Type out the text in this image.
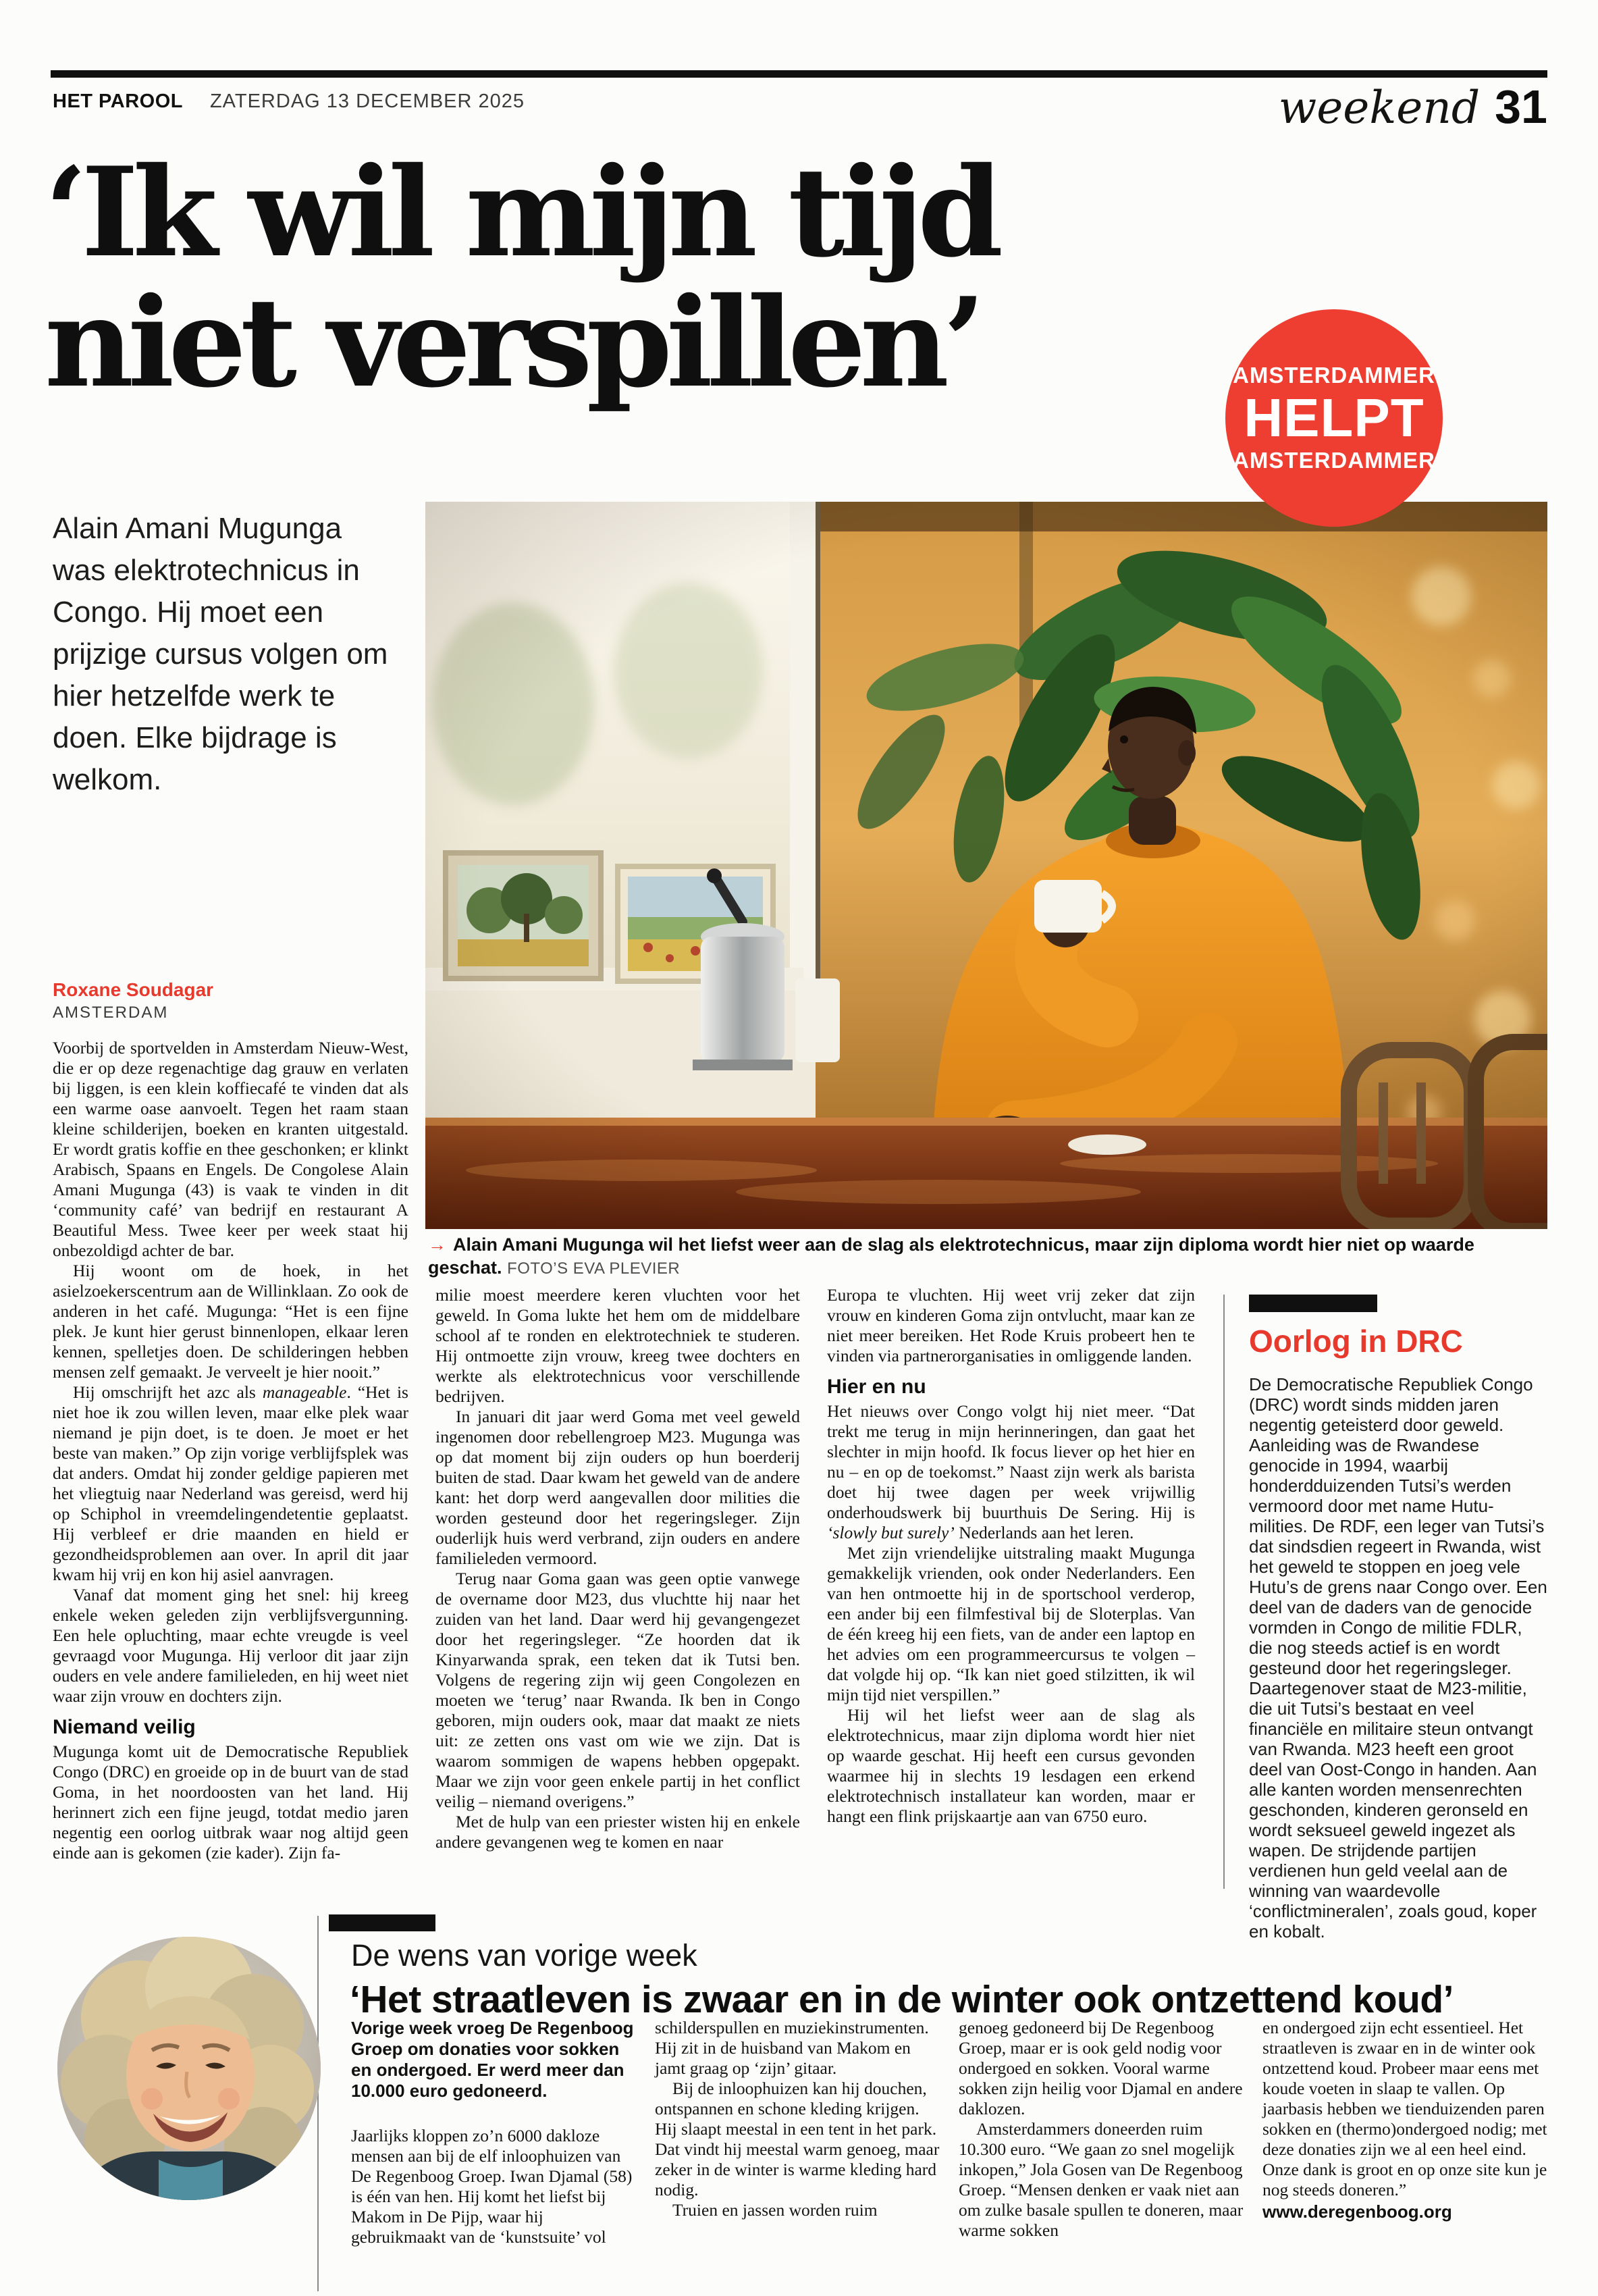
HET PAROOL ZATERDAG 13 DECEMBER 2025	weekend 31
‘Ik wil mijn tijd
niet verspillen’	AMSTERDAMMER
HELPT
AMSTERDAMMER
Alain Amani Mugunga was elektrotechnicus in Congo. Hij moet een prijzige cursus volgen om hier hetzelfde werk te doen. Elke bijdrage is welkom.
Roxane Soudagar
AMSTERDAM
→ Alain Amani Mugunga wil het liefst weer aan de slag als elektrotechnicus, maar zijn diploma wordt hier niet op waarde geschat. FOTO’S EVA PLEVIER

Voorbij de sportvelden in Amsterdam Nieuw-West, die er op deze regenachtige dag grauw en verlaten bij liggen, is een klein koffiecafé te vinden dat als een warme oase aanvoelt. Tegen het raam staan kleine schilderijen, boeken en kranten uitgestald. Er wordt gratis koffie en thee geschonken; er klinkt Arabisch, Spaans en Engels. De Congolese Alain Amani Mugunga (43) is vaak te vinden in dit ‘community café’ van bedrijf en restaurant A Beautiful Mess. Twee keer per week staat hij onbezoldigd achter de bar.

Hij woont om de hoek, in het asielzoekerscentrum aan de Willinklaan. Zo ook de anderen in het café. Mugunga: “Het is een fijne plek. Je kunt hier gerust binnenlopen, elkaar leren kennen, spelletjes doen. De schilderingen hebben mensen zelf gemaakt. Je verveelt je hier nooit.”

Hij omschrijft het azc als manageable. “Het is niet hoe ik zou willen leven, maar elke plek waar niemand je pijn doet, is te doen. Je moet er het beste van maken.” Op zijn vorige verblijfsplek was dat anders. Omdat hij zonder geldige papieren met het vliegtuig naar Nederland was gereisd, werd hij op Schiphol in vreemdelingendetentie geplaatst. Hij verbleef er drie maanden en hield er gezondheidsproblemen aan over. In april dit jaar kwam hij vrij en kon hij asiel aanvragen.

Vanaf dat moment ging het snel: hij kreeg enkele weken geleden zijn verblijfsvergunning. Een hele opluchting, maar echte vreugde is veel gevraagd voor Mugunga. Hij verloor dit jaar zijn ouders en vele andere familieleden, en hij weet niet waar zijn vrouw en dochters zijn.

Niemand veilig

Mugunga komt uit de Democratische Republiek Congo (DRC) en groeide op in de buurt van de stad Goma, in het noordoosten van het land. Hij herinnert zich een fijne jeugd, totdat medio jaren negentig een oorlog uitbrak waar nog altijd geen einde aan is gekomen (zie kader). Zijn fa-

milie moest meerdere keren vluchten voor het geweld. In Goma lukte het hem om de middelbare school af te ronden en elektrotechniek te studeren. Hij ontmoette zijn vrouw, kreeg twee dochters en werkte als elektrotechnicus voor verschillende bedrijven.

In januari dit jaar werd Goma met veel geweld ingenomen door rebellengroep M23. Mugunga was op dat moment bij zijn ouders op hun boerderij buiten de stad. Daar kwam het geweld van de andere kant: het dorp werd aangevallen door milities die worden gesteund door het regeringsleger. Zijn ouderlijk huis werd verbrand, zijn ouders en andere familieleden vermoord.

Terug naar Goma gaan was geen optie vanwege de overname door M23, dus vluchtte hij naar het zuiden van het land. Daar werd hij gevangengezet door het regeringsleger. “Ze hoorden dat ik Kinyarwanda sprak, een teken dat ik Tutsi ben. Volgens de regering zijn wij geen Congolezen en moeten we ‘terug’ naar Rwanda. Ik ben in Congo geboren, mijn ouders ook, maar dat maakt ze niets uit: ze zetten ons vast om wie we zijn. Dat is waarom sommigen de wapens hebben opgepakt. Maar we zijn voor geen enkele partij in het conflict veilig – niemand overigens.”

Met de hulp van een priester wisten hij en enkele andere gevangenen weg te komen en naar

Europa te vluchten. Hij weet vrij zeker dat zijn vrouw en kinderen Goma zijn ontvlucht, maar kan ze niet meer bereiken. Het Rode Kruis probeert hen te vinden via partnerorganisaties in omliggende landen.

Hier en nu

Het nieuws over Congo volgt hij niet meer. “Dat trekt me terug in mijn herinneringen, dan gaat het slechter in mijn hoofd. Ik focus liever op het hier en nu – en op de toekomst.” Naast zijn werk als barista doet hij twee dagen per week vrijwillig onderhoudswerk bij buurthuis De Sering. Hij is ‘slowly but surely’ Nederlands aan het leren.

Met zijn vriendelijke uitstraling maakt Mugunga gemakkelijk vrienden, ook onder Nederlanders. Een van hen ontmoette hij in de sportschool verderop, een ander bij een filmfestival bij de Sloterplas. Van de één kreeg hij een fiets, van de ander een laptop en het advies om een programmeercursus te volgen – dat volgde hij op. “Ik kan niet goed stilzitten, ik wil mijn tijd niet verspillen.”

Hij wil het liefst weer aan de slag als elektrotechnicus, maar zijn diploma wordt hier niet op waarde geschat. Hij heeft een cursus gevonden waarmee hij in slechts 19 lesdagen een erkend elektrotechnisch installateur kan worden, maar er hangt een flink prijskaartje aan van 6750 euro.

Oorlog in DRC
De Democratische Republiek Congo (DRC) wordt sinds midden jaren negentig geteisterd door geweld. Aanleiding was de Rwandese genocide in 1994, waarbij honderdduizenden Tutsi’s werden vermoord door met name Hutu-milities. De RDF, een leger van Tutsi’s dat sindsdien regeert in Rwanda, wist het geweld te stoppen en joeg vele Hutu’s de grens naar Congo over. Een deel van de daders van de genocide vormden in Congo de militie FDLR, die nog steeds actief is en wordt gesteund door het regeringsleger. Daartegenover staat de M23-militie, die uit Tutsi’s bestaat en veel financiële en militaire steun ontvangt van Rwanda. M23 heeft een groot deel van Oost-Congo in handen. Aan alle kanten worden mensenrechten geschonden, kinderen geronseld en wordt seksueel geweld ingezet als wapen. De strijdende partijen verdienen hun geld veelal aan de winning van waardevolle ‘conflictmineralen’, zoals goud, koper en kobalt.
De wens van vorige week
‘Het straatleven is zwaar en in de winter ook ontzettend koud’
Vorige week vroeg De Regenboog Groep om donaties voor sokken en ondergoed. Er werd meer dan 10.000 euro gedoneerd.

Jaarlijks kloppen zo’n 6000 dakloze mensen aan bij de elf inloophuizen van De Regenboog Groep. Iwan Djamal (58) is één van hen. Hij komt het liefst bij Makom in De Pijp, waar hij gebruikmaakt van de ‘kunstsuite’ vol

schilderspullen en muziekinstrumenten. Hij zit in de huisband van Makom en jamt graag op ‘zijn’ gitaar.

Bij de inloophuizen kan hij douchen, ontspannen en schone kleding krijgen. Hij slaapt meestal in een tent in het park. Dat vindt hij meestal warm genoeg, maar zeker in de winter is warme kleding hard nodig.

Truien en jassen worden ruim

genoeg gedoneerd bij De Regenboog Groep, maar er is ook geld nodig voor ondergoed en sokken. Vooral warme sokken zijn heilig voor Djamal en andere daklozen.

Amsterdammers doneerden ruim 10.300 euro. “We gaan zo snel mogelijk inkopen,” Jola Gosen van De Regenboog Groep. “Mensen denken er vaak niet aan om zulke basale spullen te doneren, maar warme sokken

en ondergoed zijn echt essentieel. Het straatleven is zwaar en in de winter ook ontzettend koud. Probeer maar eens met koude voeten in slaap te vallen. Op jaarbasis hebben we tienduizenden paren sokken en (thermo)ondergoed nodig; met deze donaties zijn we al een heel eind. Onze dank is groot en op onze site kun je nog steeds doneren.”

www.deregenboog.org
